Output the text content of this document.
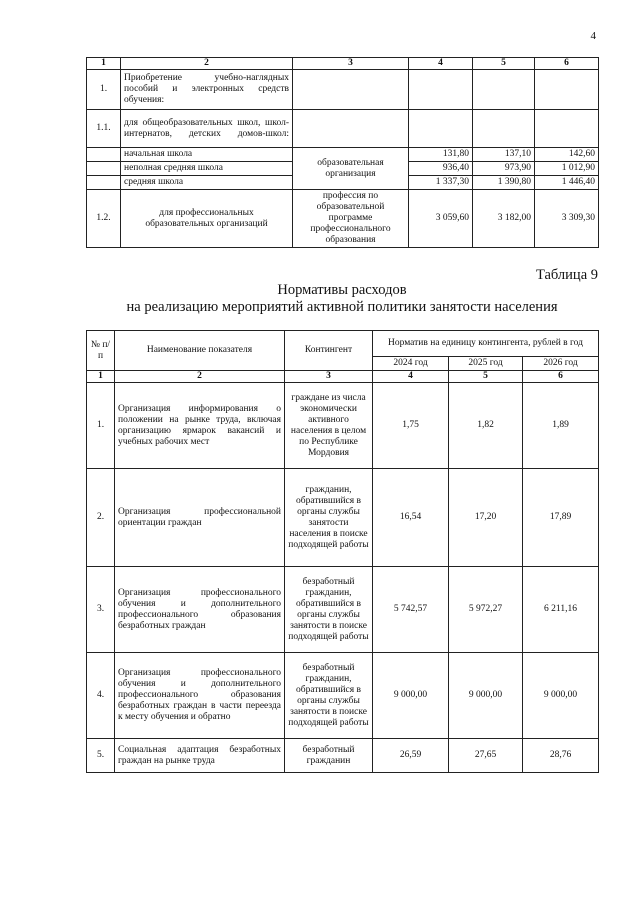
4
1	2	3	4	5	6
1.	Приобретение учебно-наглядных пособий и электронных средств обучения:				
1.1.	для общеобразовательных школ, школ-интернатов, детских домов-школ:				
	начальная школа	образовательная организация	131,80	137,10	142,60
	неполная средняя школа		936,40	973,90	1 012,90
	средняя школа		1 337,30	1 390,80	1 446,40
1.2.	для профессиональных образовательных организаций	профессия по образовательной программе профессионального образования	3 059,60	3 182,00	3 309,30
Таблица 9
Нормативы расходов
на реализацию мероприятий активной политики занятости населения
№ п/п	Наименование показателя	Контингент	Норматив на единицу контингента, рублей в год		
			2024 год	2025 год	2026 год
1	2	3	4	5	6
1.	Организация информирования о положении на рынке труда, включая организацию ярмарок вакансий и учебных рабочих мест	граждане из числа экономически активного населения в целом по Республике Мордовия	1,75	1,82	1,89
2.	Организация профессиональной ориентации граждан	гражданин, обратившийся в органы службы занятости населения в поиске подходящей работы	16,54	17,20	17,89
3.	Организация профессионального обучения и дополнительного профессионального образования безработных граждан	безработный гражданин, обратившийся в органы службы занятости в поиске подходящей работы	5 742,57	5 972,27	6 211,16
4.	Организация профессионального обучения и дополнительного профессионального образования безработных граждан в части переезда к месту обучения и обратно	безработный гражданин, обратившийся в органы службы занятости в поиске подходящей работы	9 000,00	9 000,00	9 000,00
5.	Социальная адаптация безработных граждан на рынке труда	безработный гражданин	26,59	27,65	28,76
